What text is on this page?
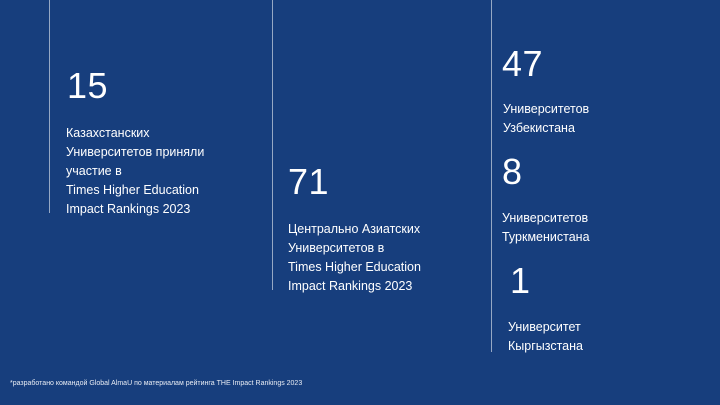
15
Казахстанских
Университетов приняли
участие в
Times Higher Education
Impact Rankings 2023
71
Центрально Азиатских
Университетов в
Times Higher Education
Impact Rankings 2023
47
Университетов
Узбекистана
8
Университетов
Туркменистана
1
Университет
Кыргызстана
*разработано командой Global AlmaU по материалам рейтинга THE Impact Rankings 2023
